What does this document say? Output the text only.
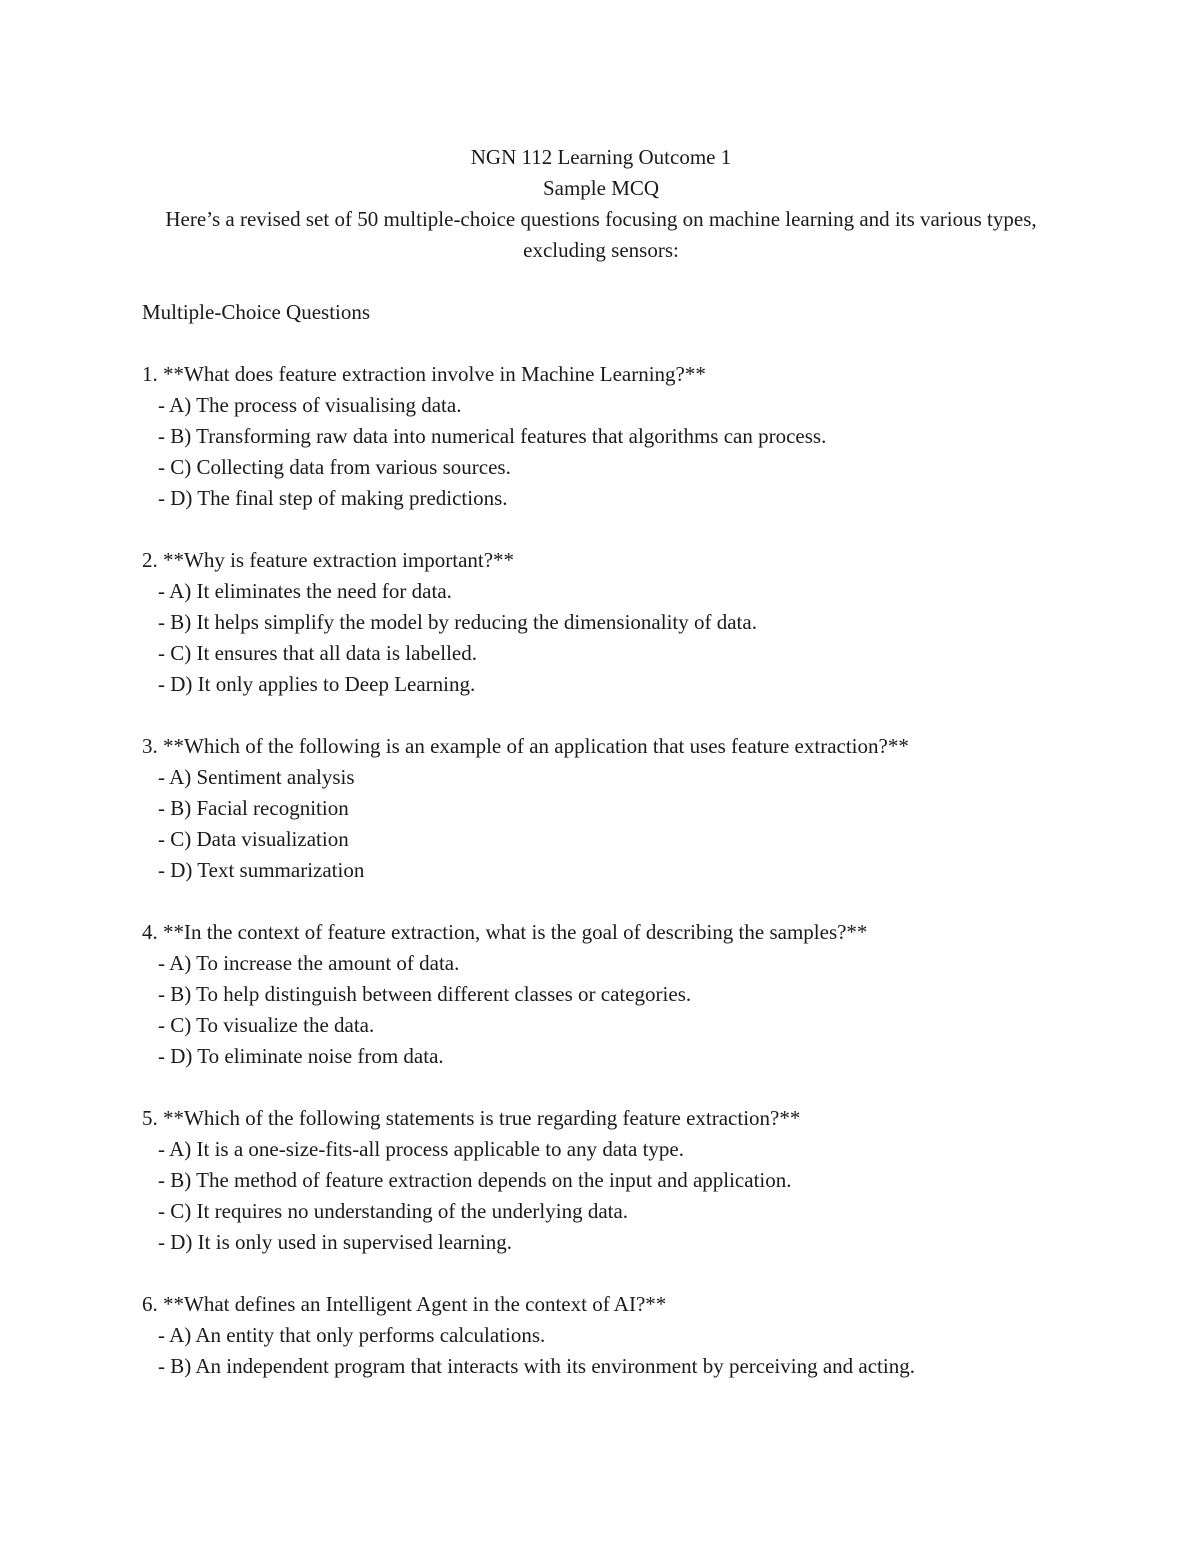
NGN 112 Learning Outcome 1
Sample MCQ
Here’s a revised set of 50 multiple-choice questions focusing on machine learning and its various types, excluding sensors:
Multiple-Choice Questions
1. **What does feature extraction involve in Machine Learning?**
- A) The process of visualising data.
- B) Transforming raw data into numerical features that algorithms can process.
- C) Collecting data from various sources.
- D) The final step of making predictions.
2. **Why is feature extraction important?**
- A) It eliminates the need for data.
- B) It helps simplify the model by reducing the dimensionality of data.
- C) It ensures that all data is labelled.
- D) It only applies to Deep Learning.
3. **Which of the following is an example of an application that uses feature extraction?**
- A) Sentiment analysis
- B) Facial recognition
- C) Data visualization
- D) Text summarization
4. **In the context of feature extraction, what is the goal of describing the samples?**
- A) To increase the amount of data.
- B) To help distinguish between different classes or categories.
- C) To visualize the data.
- D) To eliminate noise from data.
5. **Which of the following statements is true regarding feature extraction?**
- A) It is a one-size-fits-all process applicable to any data type.
- B) The method of feature extraction depends on the input and application.
- C) It requires no understanding of the underlying data.
- D) It is only used in supervised learning.
6. **What defines an Intelligent Agent in the context of AI?**
- A) An entity that only performs calculations.
- B) An independent program that interacts with its environment by perceiving and acting.
